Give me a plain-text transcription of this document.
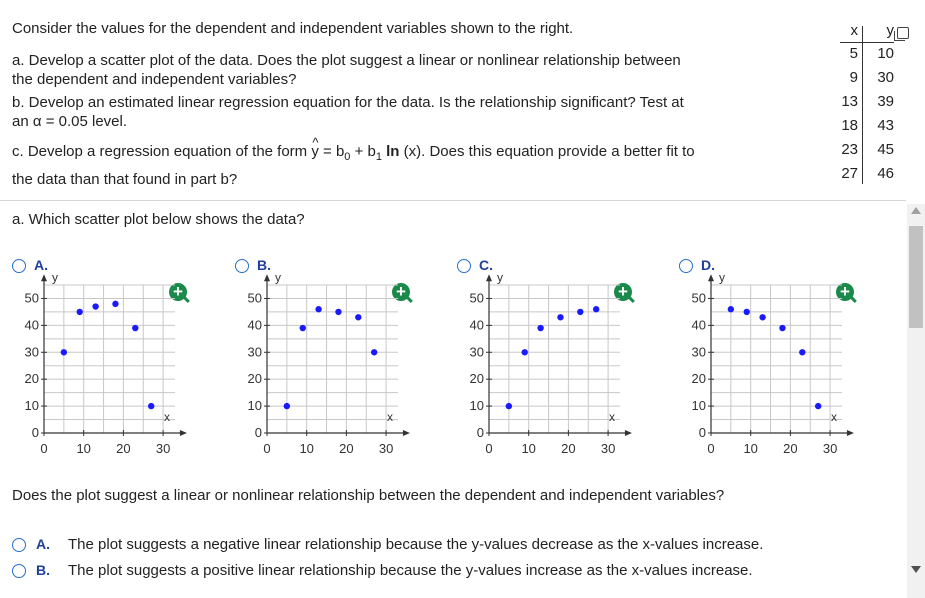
Consider the values for the dependent and independent variables shown to the right.
a. Develop a scatter plot of the data. Does the plot suggest a linear or nonlinear relationship between
the dependent and independent variables?
b. Develop an estimated linear regression equation for the data. Is the relationship significant? Test at
an α = 0.05 level.
c. Develop a regression equation of the form ^ $y = b_0 + b_1$ ln (x). Does this equation provide a better fit to
the data than that found in part b?
x	y
5
9
13
18
23
27
10
30
39
43
45
46
a. Which scatter plot below shows the data?
A.
+
0 10 20 30
0
10
20
30
40
50
x
y
B.
+
0 10 20 30
0
10
20
30
40
50
x
y
C.
+
0 10 20 30
0
10
20
30
40
50
x
y
D.
+
0 10 20 30
0
10
20
30
40
50
x
y
Does the plot suggest a linear or nonlinear relationship between the dependent and independent variables?
A. The plot suggests a negative linear relationship because the y-values decrease as the x-values increase.
B. The plot suggests a positive linear relationship because the y-values increase as the x-values increase.
